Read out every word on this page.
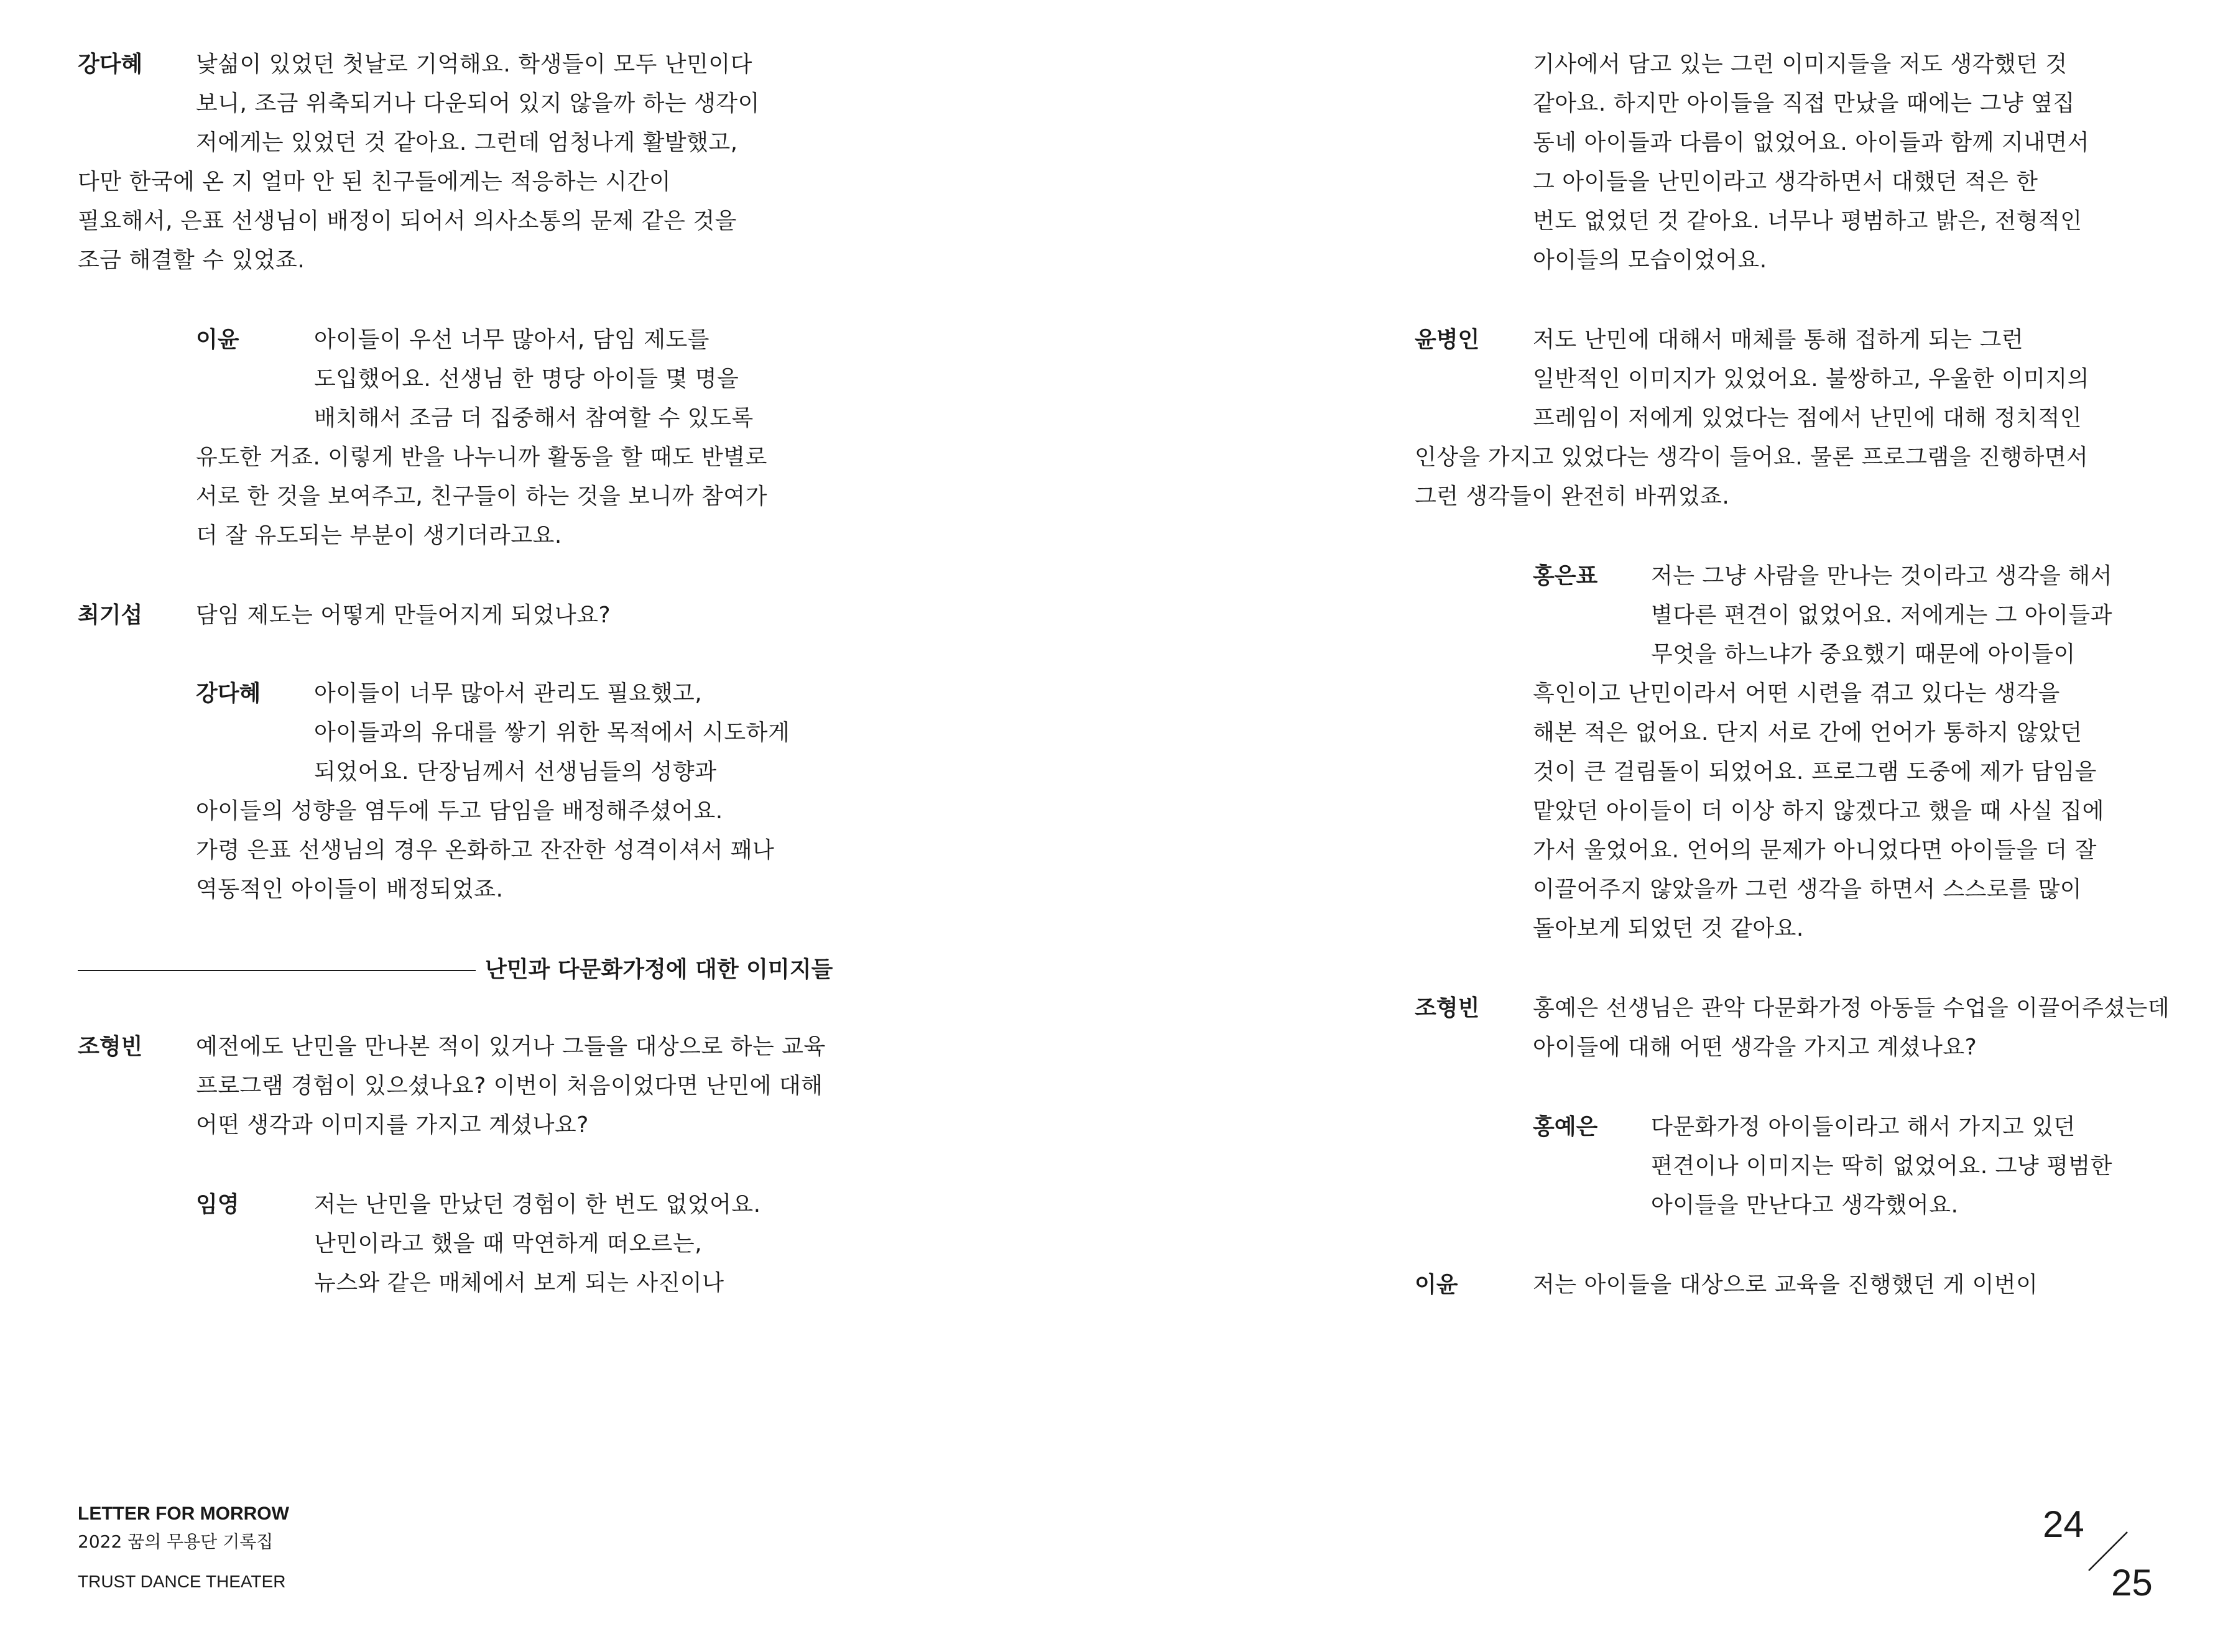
강다혜 낯섦이 있었던 첫날로 기억해요. 학생들이 모두 난민이다
보니, 조금 위축되거나 다운되어 있지 않을까 하는 생각이
저에게는 있었던 것 같아요. 그런데 엄청나게 활발했고,
다만 한국에 온 지 얼마 안 된 친구들에게는 적응하는 시간이
필요해서, 은표 선생님이 배정이 되어서 의사소통의 문제 같은 것을
조금 해결할 수 있었죠.
이윤	아이들이 우선 너무 많아서, 담임 제도를
도입했어요. 선생님 한 명당 아이들 몇 명을
배치해서 조금 더 집중해서 참여할 수 있도록
유도한 거죠. 이렇게 반을 나누니까 활동을 할 때도 반별로
서로 한 것을 보여주고, 친구들이 하는 것을 보니까 참여가
더 잘 유도되는 부분이 생기더라고요.
최기섭 담임 제도는 어떻게 만들어지게 되었나요?
강다혜 아이들이 너무 많아서 관리도 필요했고,
아이들과의 유대를 쌓기 위한 목적에서 시도하게
되었어요. 단장님께서 선생님들의 성향과
아이들의 성향을 염두에 두고 담임을 배정해주셨어요.
가령 은표 선생님의 경우 온화하고 잔잔한 성격이셔서 꽤나
역동적인 아이들이 배정되었죠.
난민과 다문화가정에 대한 이미지들
조형빈 예전에도 난민을 만나본 적이 있거나 그들을 대상으로 하는 교육
프로그램 경험이 있으셨나요? 이번이 처음이었다면 난민에 대해
어떤 생각과 이미지를 가지고 계셨나요?
임영	저는 난민을 만났던 경험이 한 번도 없었어요.
난민이라고 했을 때 막연하게 떠오르는,
뉴스와 같은 매체에서 보게 되는 사진이나
LETTER FOR MORROW
2022 꿈의 무용단 기록집
TRUST DANCE THEATER
기사에서 담고 있는 그런 이미지들을 저도 생각했던 것
같아요. 하지만 아이들을 직접 만났을 때에는 그냥 옆집
동네 아이들과 다름이 없었어요. 아이들과 함께 지내면서
그 아이들을 난민이라고 생각하면서 대했던 적은 한
번도 없었던 것 같아요. 너무나 평범하고 밝은, 전형적인
아이들의 모습이었어요.
윤병인 저도 난민에 대해서 매체를 통해 접하게 되는 그런
일반적인 이미지가 있었어요. 불쌍하고, 우울한 이미지의
프레임이 저에게 있었다는 점에서 난민에 대해 정치적인
인상을 가지고 있었다는 생각이 들어요. 물론 프로그램을 진행하면서
그런 생각들이 완전히 바뀌었죠.
홍은표 저는 그냥 사람을 만나는 것이라고 생각을 해서
별다른 편견이 없었어요. 저에게는 그 아이들과
무엇을 하느냐가 중요했기 때문에 아이들이
흑인이고 난민이라서 어떤 시련을 겪고 있다는 생각을
해본 적은 없어요. 단지 서로 간에 언어가 통하지 않았던
것이 큰 걸림돌이 되었어요. 프로그램 도중에 제가 담임을
맡았던 아이들이 더 이상 하지 않겠다고 했을 때 사실 집에
가서 울었어요. 언어의 문제가 아니었다면 아이들을 더 잘
이끌어주지 않았을까 그런 생각을 하면서 스스로를 많이
돌아보게 되었던 것 같아요.
조형빈 홍예은 선생님은 관악 다문화가정 아동들 수업을 이끌어주셨는데
아이들에 대해 어떤 생각을 가지고 계셨나요?
홍예은 다문화가정 아이들이라고 해서 가지고 있던
편견이나 이미지는 딱히 없었어요. 그냥 평범한
아이들을 만난다고 생각했어요.
이윤	저는 아이들을 대상으로 교육을 진행했던 게 이번이
24
25
